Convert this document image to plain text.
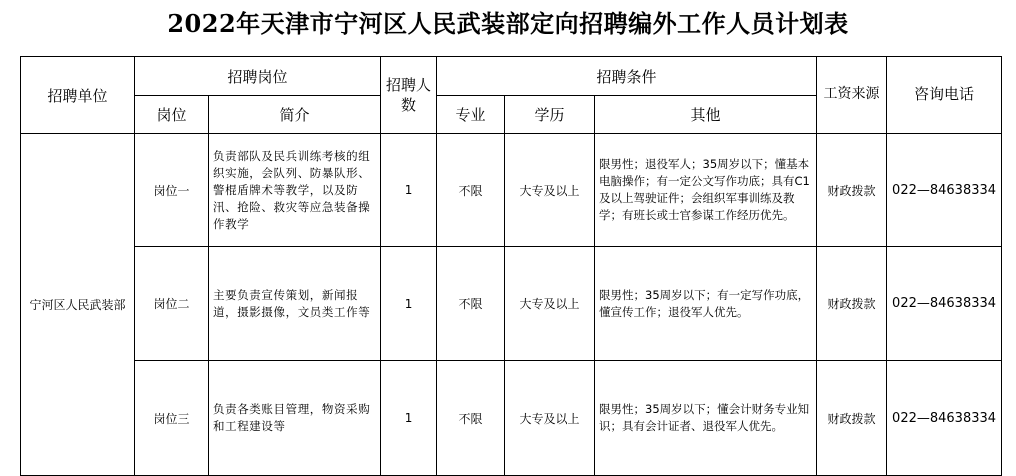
2022年天津市宁河区人民武装部定向招聘编外工作人员计划表
招聘单位	招聘岗位		招聘人数	招聘条件			工资来源	咨询电话
	岗位	简介		专业	学历	其他		
宁河区人民武装部	岗位一	负责部队及民兵训练考核的组织实施，会队列、防暴队形、警棍盾牌术等教学，以及防汛、抢险、救灾等应急装备操作教学	1	不限	大专及以上	限男性；退役军人；35周岁以下；懂基本电脑操作；有一定公文写作功底；具有C1及以上驾驶证件；会组织军事训练及教学；有班长或士官参谋工作经历优先。	财政拨款	022—84638334
	岗位二	主要负责宣传策划，新闻报道，摄影摄像，文员类工作等	1	不限	大专及以上	限男性；35周岁以下；有一定写作功底，懂宣传工作；退役军人优先。	财政拨款	022—84638334
	岗位三	负责各类账目管理，物资采购和工程建设等	1	不限	大专及以上	限男性；35周岁以下；懂会计财务专业知识；具有会计证者、退役军人优先。	财政拨款	022—84638334
